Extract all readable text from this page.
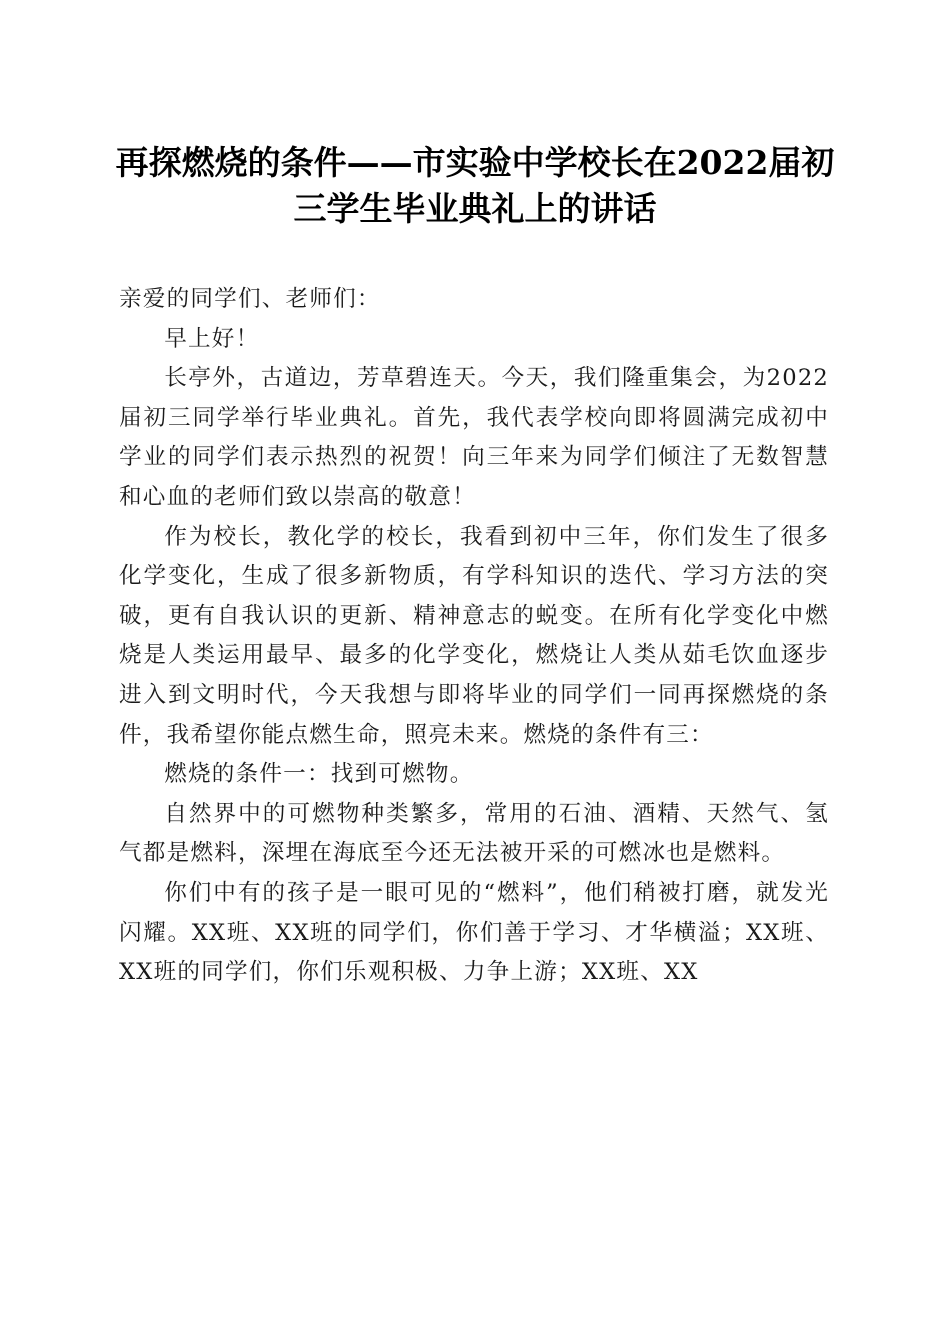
再探燃烧的条件——市实验中学校长在2022届初三学生毕业典礼上的讲话

亲爱的同学们、老师们：

早上好！

长亭外，古道边，芳草碧连天。今天，我们隆重集会，为2022届初三同学举行毕业典礼。首先，我代表学校向即将圆满完成初中学业的同学们表示热烈的祝贺！向三年来为同学们倾注了无数智慧和心血的老师们致以崇高的敬意！

作为校长，教化学的校长，我看到初中三年，你们发生了很多化学变化，生成了很多新物质，有学科知识的迭代、学习方法的突破，更有自我认识的更新、精神意志的蜕变。在所有化学变化中燃烧是人类运用最早、最多的化学变化，燃烧让人类从茹毛饮血逐步进入到文明时代，今天我想与即将毕业的同学们一同再探燃烧的条件，我希望你能点燃生命，照亮未来。燃烧的条件有三：

燃烧的条件一：找到可燃物。

自然界中的可燃物种类繁多，常用的石油、酒精、天然气、氢气都是燃料，深埋在海底至今还无法被开采的可燃冰也是燃料。

你们中有的孩子是一眼可见的“燃料”，他们稍被打磨，就发光闪耀。XX班、XX班的同学们，你们善于学习、才华横溢；XX班、XX班的同学们，你们乐观积极、力争上游；XX班、XX
